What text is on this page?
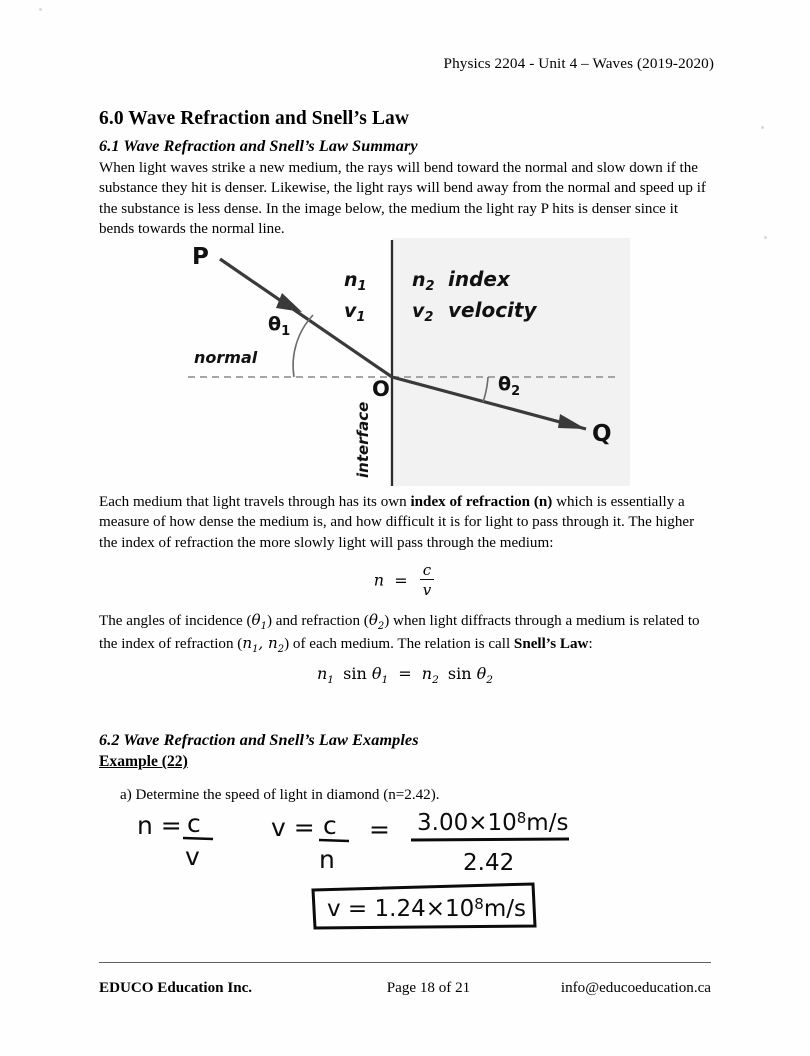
Physics 2204 - Unit 4 – Waves (2019-2020)
6.0 Wave Refraction and Snell’s Law
6.1 Wave Refraction and Snell’s Law Summary

When light waves strike a new medium, the rays will bend toward the normal and slow down if the substance they hit is denser. Likewise, the light rays will bend away from the normal and speed up if the substance is less dense. In the image below, the medium the light ray P hits is denser since it bends towards the normal line.

P
Q
O
normal
interface
$\theta_1$
$\theta_2$
$n_1$
$v_1$
$n_2$
$v_2$
index
velocity

Each medium that light travels through has its own index of refraction (n) which is essentially a measure of how dense the medium is, and how difficult it is for light to pass through it. The higher the index of refraction the more slowly light will pass through the medium:

$n = \frac{c}{v}$

The angles of incidence $(\theta_1)$ and refraction $(\theta_2)$ when light diffracts through a medium is related to the index of refraction ($n_1$, $n_2$) of each medium. The relation is call Snell’s Law:

$n_1$ $\sin \theta_1 = n_2$ $\sin \theta_2$
6.2 Wave Refraction and Snell’s Law Examples
Example (22)

a) Determine the speed of light in diamond (n=2.42).

n = c
v
v = c
n
= $3.00\times 10^8m/s$
2.42
$v = 1.24\times 10^8m/s$
EDUCO Education Inc.	Page 18 of 21	info@educoeducation.ca
